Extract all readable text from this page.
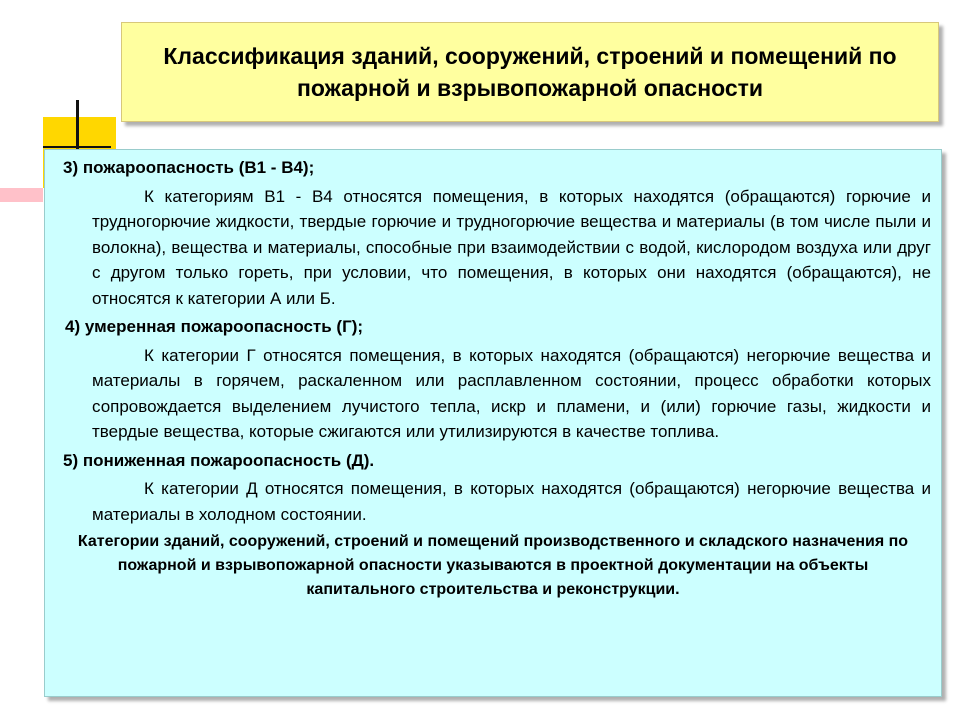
Классификация зданий, сооружений, строений и помещений по пожарной и взрывопожарной опасности

3) пожароопасность (В1 - В4);

К категориям В1 - В4 относятся помещения, в которых находятся (обращаются) горючие и трудногорючие жидкости, твердые горючие и трудногорючие вещества и материалы (в том числе пыли и волокна), вещества и материалы, способные при взаимодействии с водой, кислородом воздуха или друг с другом только гореть, при условии, что помещения, в которых они находятся (обращаются), не относятся к категории А или Б.

4) умеренная пожароопасность (Г);

К категории Г относятся помещения, в которых находятся (обращаются) негорючие вещества и материалы в горячем, раскаленном или расплавленном состоянии, процесс обработки которых сопровождается выделением лучистого тепла, искр и пламени, и (или) горючие газы, жидкости и твердые вещества, которые сжигаются или утилизируются в качестве топлива.

5) пониженная пожароопасность (Д).

К категории Д относятся помещения, в которых находятся (обращаются) негорючие вещества и материалы в холодном состоянии.

Категории зданий, сооружений, строений и помещений производственного и складского назначения по пожарной и взрывопожарной опасности указываются в проектной документации на объекты капитального строительства и реконструкции.
